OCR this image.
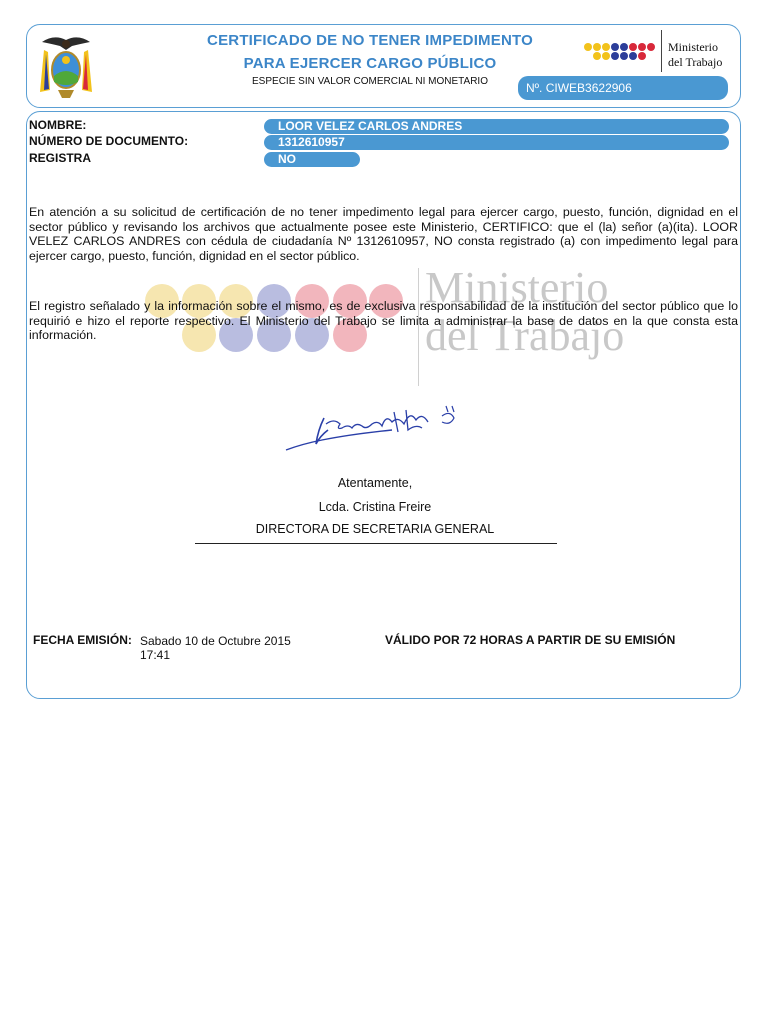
CERTIFICADO DE NO TENER IMPEDIMENTO
PARA EJERCER CARGO PÚBLICO
ESPECIE SIN VALOR COMERCIAL NI MONETARIO
Ministerio
del Trabajo
Nº. CIWEB3622906
NOMBRE:	LOOR VELEZ CARLOS ANDRES
NÚMERO DE DOCUMENTO:	1312610957
REGISTRA	NO
Ministerio
del Trabajo
En atención a su solicitud de certificación de no tener impedimento legal para ejercer cargo, puesto, función, dignidad en el sector público y revisando los archivos que actualmente posee este Ministerio, CERTIFICO: que el (la) señor (a)(ita). LOOR VELEZ CARLOS ANDRES con cédula de ciudadanía Nº 1312610957, NO consta registrado (a) con impedimento legal para ejercer cargo, puesto, función, dignidad en el sector público.
El registro señalado y la información sobre el mismo, es de exclusiva responsabilidad de la institución del sector público que lo requirió e hizo el reporte respectivo. El Ministerio del Trabajo se limita a administrar la base de datos en la que consta esta información.
Atentamente,
Lcda. Cristina Freire
DIRECTORA DE SECRETARIA GENERAL
FECHA EMISIÓN: Sabado 10 de Octubre 2015
17:41
VÁLIDO POR 72 HORAS A PARTIR DE SU EMISIÓN
